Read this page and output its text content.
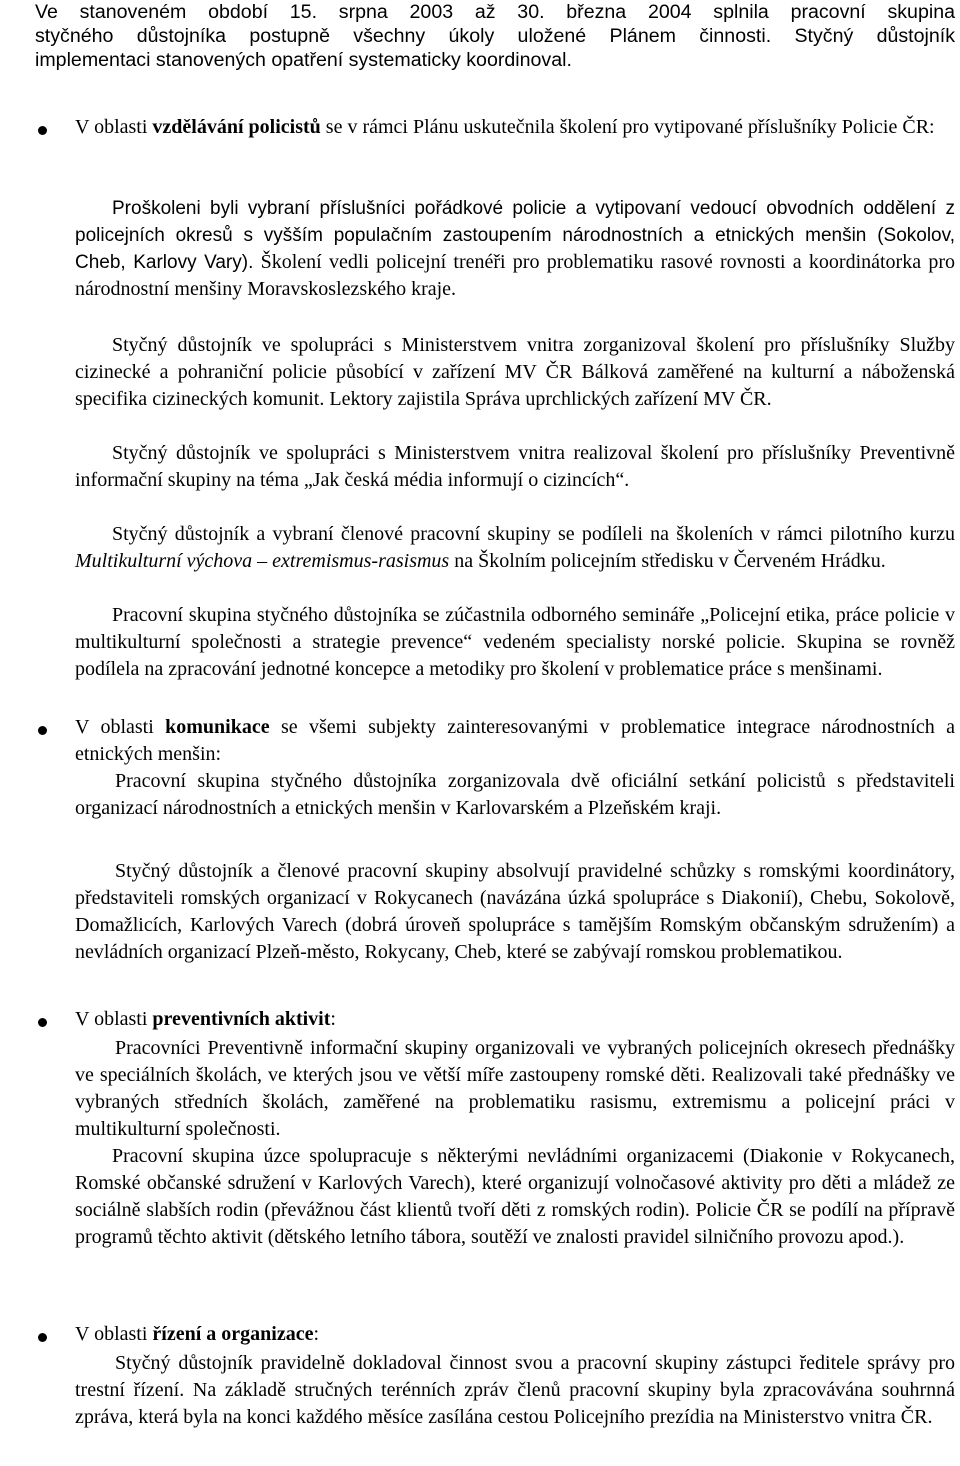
Ve stanoveném období 15. srpna 2003 až 30. března 2004 splnila pracovní skupina
styčného důstojníka postupně všechny úkoly uložené Plánem činnosti. Styčný důstojník
implementaci stanovených opatření systematicky koordinoval.
V oblasti vzdělávání policistů se v rámci Plánu uskutečnila školení pro vytipované příslušníky Policie ČR:
Proškoleni byli vybraní příslušníci pořádkové policie a vytipovaní vedoucí obvodních oddělení z policejních okresů s vyšším populačním zastoupením národnostních a etnických menšin (Sokolov, Cheb, Karlovy Vary). Školení vedli policejní trenéři pro problematiku rasové rovnosti a koordinátorka pro národnostní menšiny Moravskoslezského kraje.
Styčný důstojník ve spolupráci s Ministerstvem vnitra zorganizoval školení pro příslušníky Služby cizinecké a pohraniční policie působící v zařízení MV ČR Bálková zaměřené na kulturní a náboženská specifika cizineckých komunit. Lektory zajistila Správa uprchlických zařízení MV ČR.
Styčný důstojník ve spolupráci s Ministerstvem vnitra realizoval školení pro příslušníky Preventivně informační skupiny na téma „Jak česká média informují o cizincích“.
Styčný důstojník a vybraní členové pracovní skupiny se podíleli na školeních v rámci pilotního kurzu Multikulturní výchova – extremismus-rasismus na Školním policejním středisku v Červeném Hrádku.
Pracovní skupina styčného důstojníka se zúčastnila odborného semináře „Policejní etika, práce policie v multikulturní společnosti a strategie prevence“ vedeném specialisty norské policie. Skupina se rovněž podílela na zpracování jednotné koncepce a metodiky pro školení v problematice práce s menšinami.
V oblasti komunikace se všemi subjekty zainteresovanými v problematice integrace národnostních a etnických menšin:
Pracovní skupina styčného důstojníka zorganizovala dvě oficiální setkání policistů s představiteli organizací národnostních a etnických menšin v Karlovarském a Plzeňském kraji.
Styčný důstojník a členové pracovní skupiny absolvují pravidelné schůzky s romskými koordinátory, představiteli romských organizací v Rokycanech (navázána úzká spolupráce s Diakonií), Chebu, Sokolově, Domažlicích, Karlových Varech (dobrá úroveň spolupráce s tamějším Romským občanským sdružením) a nevládních organizací Plzeň-město, Rokycany, Cheb, které se zabývají romskou problematikou.
V oblasti preventivních aktivit:
Pracovníci Preventivně informační skupiny organizovali ve vybraných policejních okresech přednášky ve speciálních školách, ve kterých jsou ve větší míře zastoupeny romské děti. Realizovali také přednášky ve vybraných středních školách, zaměřené na problematiku rasismu, extremismu a policejní práci v multikulturní společnosti.
Pracovní skupina úzce spolupracuje s některými nevládními organizacemi (Diakonie v Rokycanech, Romské občanské sdružení v Karlových Varech), které organizují volnočasové aktivity pro děti a mládež ze sociálně slabších rodin (převážnou část klientů tvoří děti z romských rodin). Policie ČR se podílí na přípravě programů těchto aktivit (dětského letního tábora, soutěží ve znalosti pravidel silničního provozu apod.).
V oblasti řízení a organizace:
Styčný důstojník pravidelně dokladoval činnost svou a pracovní skupiny zástupci ředitele správy pro trestní řízení. Na základě stručných terénních zpráv členů pracovní skupiny byla zpracovávána souhrnná zpráva, která byla na konci každého měsíce zasílána cestou Policejního prezídia na Ministerstvo vnitra ČR.
